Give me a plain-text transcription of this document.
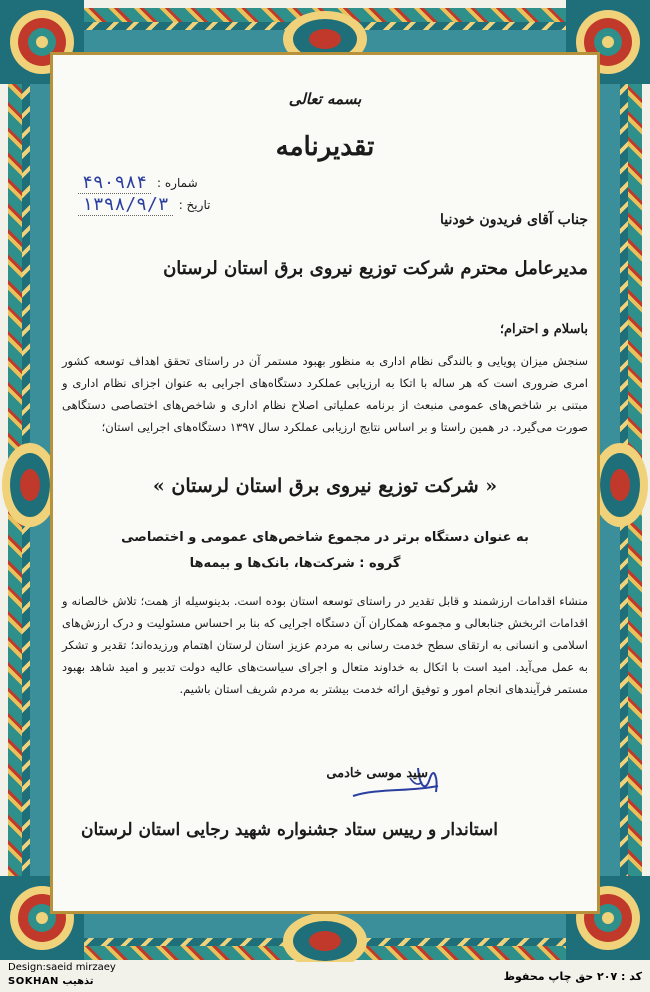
بسمه تعالی
تقدیرنامه
شماره :
۴۹۰۹۸۴
تاریخ :
۱۳۹۸/۹/۳
جناب آقای فریدون خودنیا
مدیرعامل محترم شرکت توزیع نیروی برق استان لرستان
باسلام و احترام؛
سنجش میزان پویایی و بالندگی نظام اداری به منظور بهبود مستمر آن در راستای تحقق اهداف توسعه کشور امری ضروری است که هر ساله با اتکا به ارزیابی عملکرد دستگاه‌های اجرایی به عنوان اجزای نظام اداری و مبتنی بر شاخص‌های عمومی منبعث از برنامه عملیاتی اصلاح نظام اداری و شاخص‌های اختصاصی دستگاهی صورت می‌گیرد. در همین راستا و بر اساس نتایج ارزیابی عملکرد سال ۱۳۹۷ دستگاه‌های اجرایی استان؛
« شرکت توزیع نیروی برق استان لرستان »
به عنوان دستگاه برتر در مجموع شاخص‌های عمومی و اختصاصی
گروه : شرکت‌ها، بانک‌ها و بیمه‌ها
منشاء اقدامات ارزشمند و قابل تقدیر در راستای توسعه استان بوده است. بدینوسیله از همت؛ تلاش خالصانه و اقدامات اثربخش جنابعالی و مجموعه همکاران آن دستگاه اجرایی که بنا بر احساس مسئولیت و درک ارزش‌های اسلامی و انسانی به ارتقای سطح خدمت رسانی به مردم عزیز استان لرستان اهتمام ورزیده‌اند؛ تقدیر و تشکر به عمل می‌آید. امید است با اتکال به خداوند متعال و اجرای سیاست‌های عالیه دولت تدبیر و امید شاهد بهبود مستمر فرآیندهای انجام امور و توفیق ارائه خدمت بیشتر به مردم شریف استان باشیم.
سید موسی خادمی
استاندار و رییس ستاد جشنواره شهید رجایی استان لرستان
کد : ۲۰۷ حق چاپ محفوظ
Design:saeid mirzaey
SOKHAN تذهیب
